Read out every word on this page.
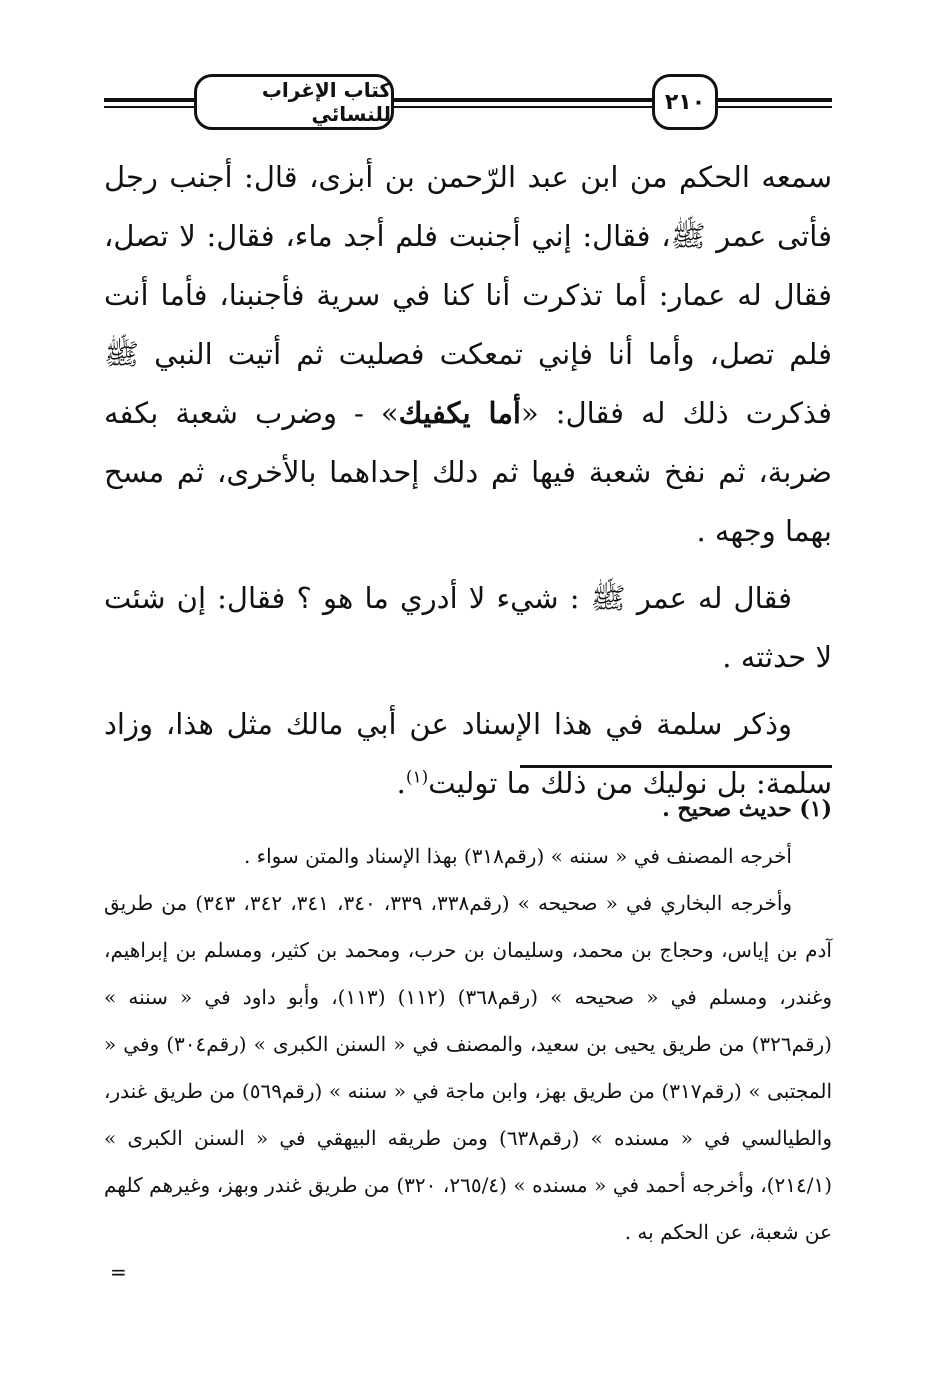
كتاب الإغراب للنسائي	٢١٠

سمعه الحكم من ابن عبد الرّحمن بن أبزى، قال: أجنب رجل فأتى عمر ﷺ، فقال: إني أجنبت فلم أجد ماء، فقال: لا تصل، فقال له عمار: أما تذكرت أنا كنا في سرية فأجنبنا، فأما أنت فلم تصل، وأما أنا فإني تمعكت فصليت ثم أتيت النبي ﷺ فذكرت ذلك له فقال: «أما يكفيك» - وضرب شعبة بكفه ضربة، ثم نفخ شعبة فيها ثم دلك إحداهما بالأخرى، ثم مسح بهما وجهه .

فقال له عمر ﷺ : شيء لا أدري ما هو ؟ فقال: إن شئت لا حدثته .

وذكر سلمة في هذا الإسناد عن أبي مالك مثل هذا، وزاد سلمة: بل نوليك من ذلك ما توليت$^{(١)}$.

(١) حديث صحيح .

أخرجه المصنف في « سننه » (رقم٣١٨) بهذا الإسناد والمتن سواء .

وأخرجه البخاري في « صحيحه » (رقم٣٣٨، ٣٣٩، ٣٤٠، ٣٤١، ٣٤٢، ٣٤٣) من طريق آدم بن إياس، وحجاج بن محمد، وسليمان بن حرب، ومحمد بن كثير، ومسلم بن إبراهيم، وغندر، ومسلم في « صحيحه » (رقم٣٦٨) (١١٢) (١١٣)، وأبو داود في « سننه » (رقم٣٢٦) من طريق يحيى بن سعيد، والمصنف في « السنن الكبرى » (رقم٣٠٤) وفي « المجتبى » (رقم٣١٧) من طريق بهز، وابن ماجة في « سننه » (رقم٥٦٩) من طريق غندر، والطيالسي في « مسنده » (رقم٦٣٨) ومن طريقه البيهقي في « السنن الكبرى » (٢١٤/١)، وأخرجه أحمد في « مسنده » (٢٦٥/٤، ٣٢٠) من طريق غندر وبهز، وغيرهم كلهم عن شعبة، عن الحكم به .

=
